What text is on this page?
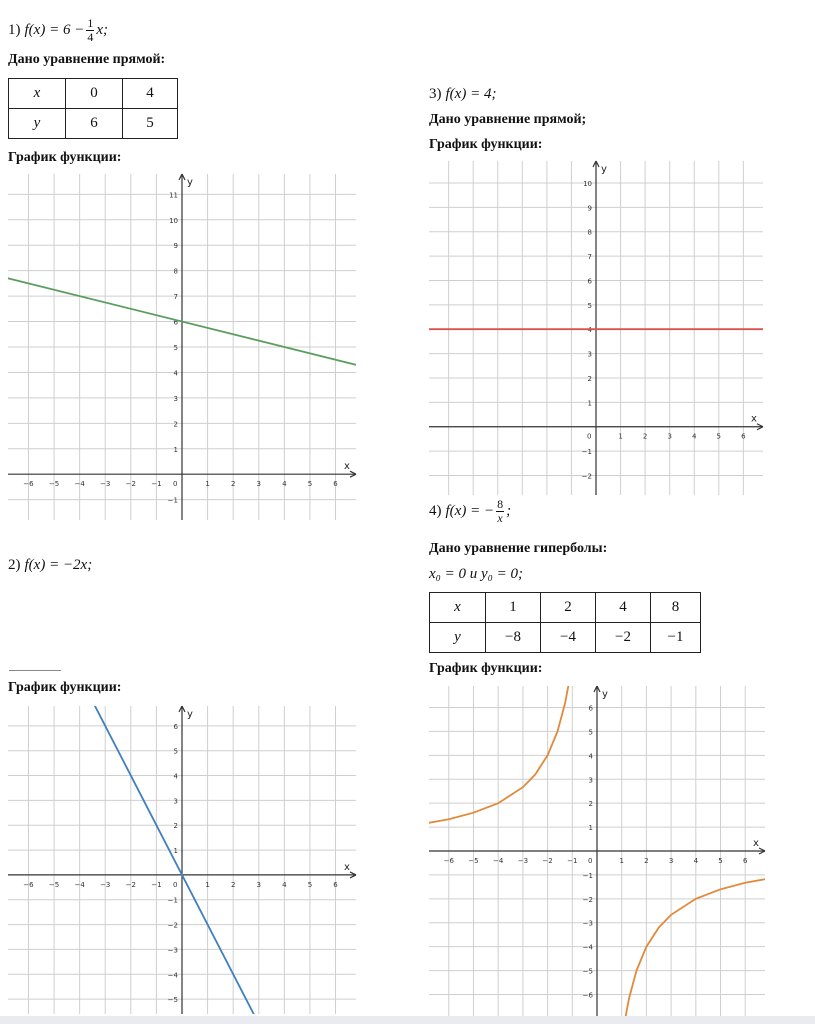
1) $f(x) = 6 - \frac{1}{4} x$;
Дано уравнение прямой:
x	0	4
y	6	5
График функции:
x
y
0
−6 −5 −4 −3 −2 −1	1	2	3	4	5	6
−1
1
2
3
4
5
6
7
8
9
10
11
2) f(x) = −2x;
График функции:
x
y
0
−6 −5 −4 −3 −2 −1	1	2	3	4	5	6
−5
−4
−3
−2
−1
1
2
3
4
5
6
3) f(x) = 4;
Дано уравнение прямой;
График функции:
x
y
0	1	2	3	4	5	6
−2
−1
1
2
3
4
5
6
7
8
9
10
4) f(x) = − $\frac{8}{x}$ ;
Дано уравнение гиперболы:
x₀ = 0 и y₀ = 0;
x	1	2	4	8
y	−8	−4	−2	−1
График функции:
x
y
0
−6 −5 −4 −3 −2 −1	1	2	3	4	5	6
−6
−5
−4
−3
−2
−1
1
2
3
4
5
6
